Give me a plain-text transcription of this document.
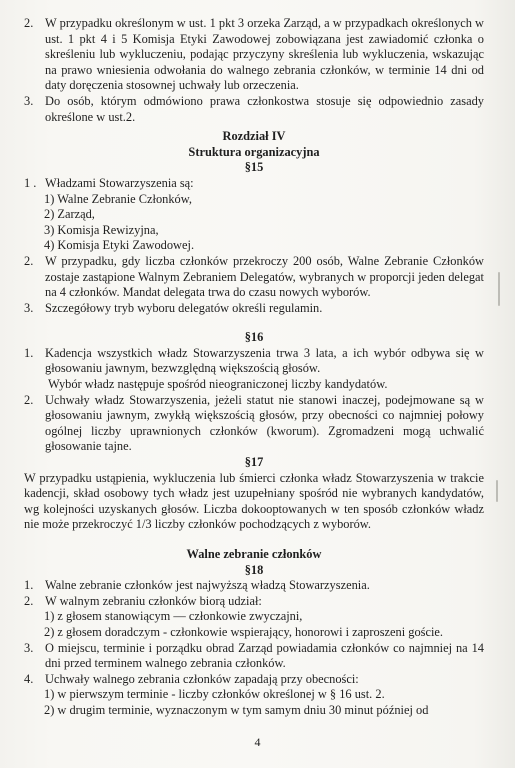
2. W przypadku określonym w ust. 1 pkt 3 orzeka Zarząd, a w przypadkach określonych w ust. 1 pkt 4 i 5 Komisja Etyki Zawodowej zobowiązana jest zawiadomić członka o skreśleniu lub wykluczeniu, podając przyczyny skreślenia lub wykluczenia, wskazując na prawo wniesienia odwołania do walnego zebrania członków, w terminie 14 dni od daty doręczenia stosownej uchwały lub orzeczenia.
3. Do osób, którym odmówiono prawa członkostwa stosuje się odpowiednio zasady określone w ust.2.
Rozdział IV
Struktura organizacyjna
§15
1 . Władzami Stowarzyszenia są:
1) Walne Zebranie Członków,
2) Zarząd,
3) Komisja Rewizyjna,
4) Komisja Etyki Zawodowej.
2. W przypadku, gdy liczba członków przekroczy 200 osób, Walne Zebranie Członków zostaje zastąpione Walnym Zebraniem Delegatów, wybranych w proporcji jeden delegat na 4 członków. Mandat delegata trwa do czasu nowych wyborów.
3. Szczegółowy tryb wyboru delegatów określi regulamin.
§16
1. Kadencja wszystkich władz Stowarzyszenia trwa 3 lata, a ich wybór odbywa się w głosowaniu jawnym, bezwzględną większością głosów.
Wybór władz następuje spośród nieograniczonej liczby kandydatów.
2. Uchwały władz Stowarzyszenia, jeżeli statut nie stanowi inaczej, podejmowane są w głosowaniu jawnym, zwykłą większością głosów, przy obecności co najmniej połowy ogólnej liczby uprawnionych członków (kworum). Zgromadzeni mogą uchwalić głosowanie tajne.
§17

W przypadku ustąpienia, wykluczenia lub śmierci członka władz Stowarzyszenia w trakcie kadencji, skład osobowy tych władz jest uzupełniany spośród nie wybranych kandydatów, wg kolejności uzyskanych głosów. Liczba dokooptowanych w ten sposób członków władz nie może przekroczyć 1/3 liczby członków pochodzących z wyborów.

Walne zebranie członków
§18
1. Walne zebranie członków jest najwyższą władzą Stowarzyszenia.
2. W walnym zebraniu członków biorą udział:
1) z głosem stanowiącym — członkowie zwyczajni,
2) z głosem doradczym - członkowie wspierający, honorowi i zaproszeni goście.
3. O miejscu, terminie i porządku obrad Zarząd powiadamia członków co najmniej na 14 dni przed terminem walnego zebrania członków.
4. Uchwały walnego zebrania członków zapadają przy obecności:
1) w pierwszym terminie - liczby członków określonej w § 16 ust. 2.
2) w drugim terminie, wyznaczonym w tym samym dniu 30 minut później od
4
